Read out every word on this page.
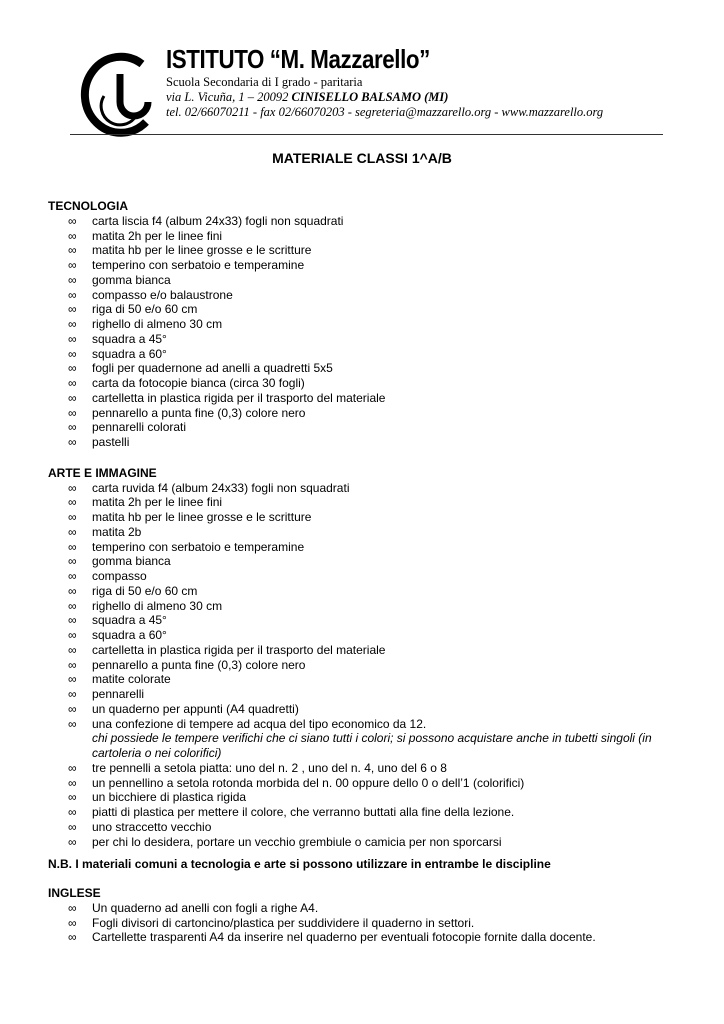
ISTITUTO “M. Mazzarello”
Scuola Secondaria di I grado - paritaria
via L. Vicuña, 1 – 20092 CINISELLO BALSAMO (MI)
tel. 02/66070211 - fax 02/66070203 - segreteria@mazzarello.org - www.mazzarello.org
MATERIALE CLASSI 1^A/B
TECNOLOGIA
∞ carta liscia f4 (album 24x33) fogli non squadrati
∞ matita 2h per le linee fini
∞ matita hb per le linee grosse e le scritture
∞ temperino con serbatoio e temperamine
∞ gomma bianca
∞ compasso e/o balaustrone
∞ riga di 50 e/o 60 cm
∞ righello di almeno 30 cm
∞ squadra a 45°
∞ squadra a 60°
∞ fogli per quadernone ad anelli a quadretti 5x5
∞ carta da fotocopie bianca (circa 30 fogli)
∞ cartelletta in plastica rigida per il trasporto del materiale
∞ pennarello a punta fine (0,3) colore nero
∞ pennarelli colorati
∞ pastelli
ARTE E IMMAGINE
∞ carta ruvida f4 (album 24x33) fogli non squadrati
∞ matita 2h per le linee fini
∞ matita hb per le linee grosse e le scritture
∞ matita 2b
∞ temperino con serbatoio e temperamine
∞ gomma bianca
∞ compasso
∞ riga di 50 e/o 60 cm
∞ righello di almeno 30 cm
∞ squadra a 45°
∞ squadra a 60°
∞ cartelletta in plastica rigida per il trasporto del materiale
∞ pennarello a punta fine (0,3) colore nero
∞ matite colorate
∞ pennarelli
∞ un quaderno per appunti (A4 quadretti)
∞ una confezione di tempere ad acqua del tipo economico da 12.
chi possiede le tempere verifichi che ci siano tutti i colori; si possono acquistare anche in tubetti singoli (in cartoleria o nei colorifici)
∞ tre pennelli a setola piatta: uno del n. 2 , uno del n. 4, uno del 6 o 8
∞ un pennellino a setola rotonda morbida del n. 00 oppure dello 0 o dell’1 (colorifici)
∞ un bicchiere di plastica rigida
∞ piatti di plastica per mettere il colore, che verranno buttati alla fine della lezione.
∞ uno straccetto vecchio
∞ per chi lo desidera, portare un vecchio grembiule o camicia per non sporcarsi
N.B. I materiali comuni a tecnologia e arte si possono utilizzare in entrambe le discipline
INGLESE
∞ Un quaderno ad anelli con fogli a righe A4.
∞ Fogli divisori di cartoncino/plastica per suddividere il quaderno in settori.
∞ Cartellette trasparenti A4 da inserire nel quaderno per eventuali fotocopie fornite dalla docente.
